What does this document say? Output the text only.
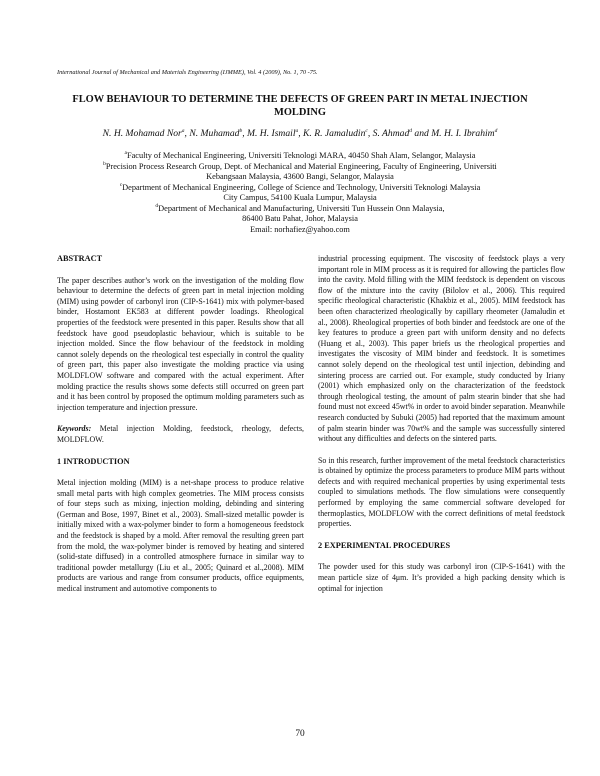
International Journal of Mechanical and Materials Engineering (IJMME), Vol. 4 (2009), No. 1, 70 -75.
FLOW BEHAVIOUR TO DETERMINE THE DEFECTS OF GREEN PART IN METAL INJECTION MOLDING
N. H. Mohamad Nor$^a$, N. Muhamad$^b$, M. H. Ismail$^a$, K. R. Jamaludin$^c$, S. Ahmad$^d$ and M. H. I. Ibrahim$^d$
$^a$Faculty of Mechanical Engineering, Universiti Teknologi MARA, 40450 Shah Alam, Selangor, Malaysia
$^b$Precision Process Research Group, Dept. of Mechanical and Material Engineering, Faculty of Engineering, Universiti
Kebangsaan Malaysia, 43600 Bangi, Selangor, Malaysia
$^c$Department of Mechanical Engineering, College of Science and Technology, Universiti Teknologi Malaysia
City Campus, 54100 Kuala Lumpur, Malaysia
$^d$Department of Mechanical and Manufacturing, Universiti Tun Hussein Onn Malaysia,
86400 Batu Pahat, Johor, Malaysia
Email: norhafiez@yahoo.com

ABSTRACT

The paper describes author’s work on the investigation of the molding flow behaviour to determine the defects of green part in metal injection molding (MIM) using powder of carbonyl iron (CIP-S-1641) mix with polymer-based binder, Hostamont EK583 at different powder loadings. Rheological properties of the feedstock were presented in this paper. Results show that all feedstock have good pseudoplastic behaviour, which is suitable to be injection molded. Since the flow behaviour of the feedstock in molding cannot solely depends on the rheological test especially in control the quality of green part, this paper also investigate the molding practice via using MOLDFLOW software and compared with the actual experiment. After molding practice the results shows some defects still occurred on green part and it has been control by proposed the optimum molding parameters such as injection temperature and injection pressure.

Keywords: Metal injection Molding, feedstock, rheology, defects, MOLDFLOW.

1 INTRODUCTION

Metal injection molding (MIM) is a net-shape process to produce relative small metal parts with high complex geometries. The MIM process consists of four steps such as mixing, injection molding, debinding and sintering (German and Bose, 1997, Binet et al., 2003). Small-sized metallic powder is initially mixed with a wax-polymer binder to form a homogeneous feedstock and the feedstock is shaped by a mold. After removal the resulting green part from the mold, the wax-polymer binder is removed by heating and sintered (solid-state diffused) in a controlled atmosphere furnace in similar way to traditional powder metallurgy (Liu et al., 2005; Quinard et al.,2008). MIM products are various and range from consumer products, office equipments, medical instrument and automotive components to

industrial processing equipment. The viscosity of feedstock plays a very important role in MIM process as it is required for allowing the particles flow into the cavity. Mold filling with the MIM feedstock is dependent on viscous flow of the mixture into the cavity (Bilolov et al., 2006). This required specific rheological characteristic (Khakbiz et al., 2005). MIM feedstock has been often characterized rheologically by capillary rheometer (Jamaludin et al., 2008). Rheological properties of both binder and feedstock are one of the key features to produce a green part with uniform density and no defects (Huang et al., 2003). This paper briefs us the rheological properties and investigates the viscosity of MIM binder and feedstock. It is sometimes cannot solely depend on the rheological test until injection, debinding and sintering process are carried out. For example, study conducted by Iriany (2001) which emphasized only on the characterization of the feedstock through rheological testing, the amount of palm stearin binder that she had found must not exceed 45wt% in order to avoid binder separation. Meanwhile research conducted by Subuki (2005) had reported that the maximum amount of palm stearin binder was 70wt% and the sample was successfully sintered without any difficulties and defects on the sintered parts.

So in this research, further improvement of the metal feedstock characteristics is obtained by optimize the process parameters to produce MIM parts without defects and with required mechanical properties by using experimental tests coupled to simulations methods. The flow simulations were consequently performed by employing the same commercial software developed for thermoplastics, MOLDFLOW with the correct definitions of metal feedstock properties.

2 EXPERIMENTAL PROCEDURES

The powder used for this study was carbonyl iron (CIP-S-1641) with the mean particle size of 4μm. It’s provided a high packing density which is optimal for injection

70
